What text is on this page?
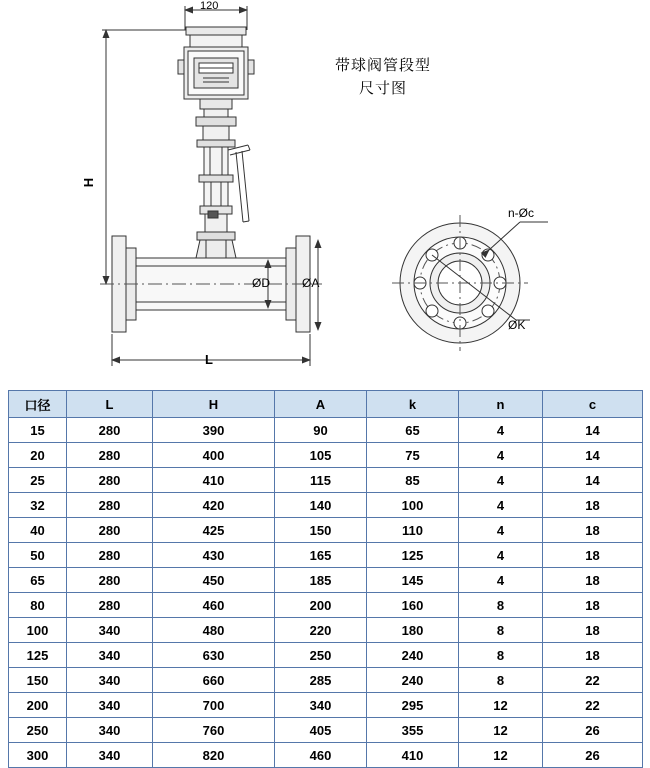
带球阀管段型
尺寸图
120
H
L
ØD	ØA
n-Øc
ØK
口径	L	H	A	k	n	c
15	280	390	90	65	4	14
20	280	400	105	75	4	14
25	280	410	115	85	4	14
32	280	420	140	100	4	18
40	280	425	150	110	4	18
50	280	430	165	125	4	18
65	280	450	185	145	4	18
80	280	460	200	160	8	18
100	340	480	220	180	8	18
125	340	630	250	240	8	18
150	340	660	285	240	8	22
200	340	700	340	295	12	22
250	340	760	405	355	12	26
300	340	820	460	410	12	26
